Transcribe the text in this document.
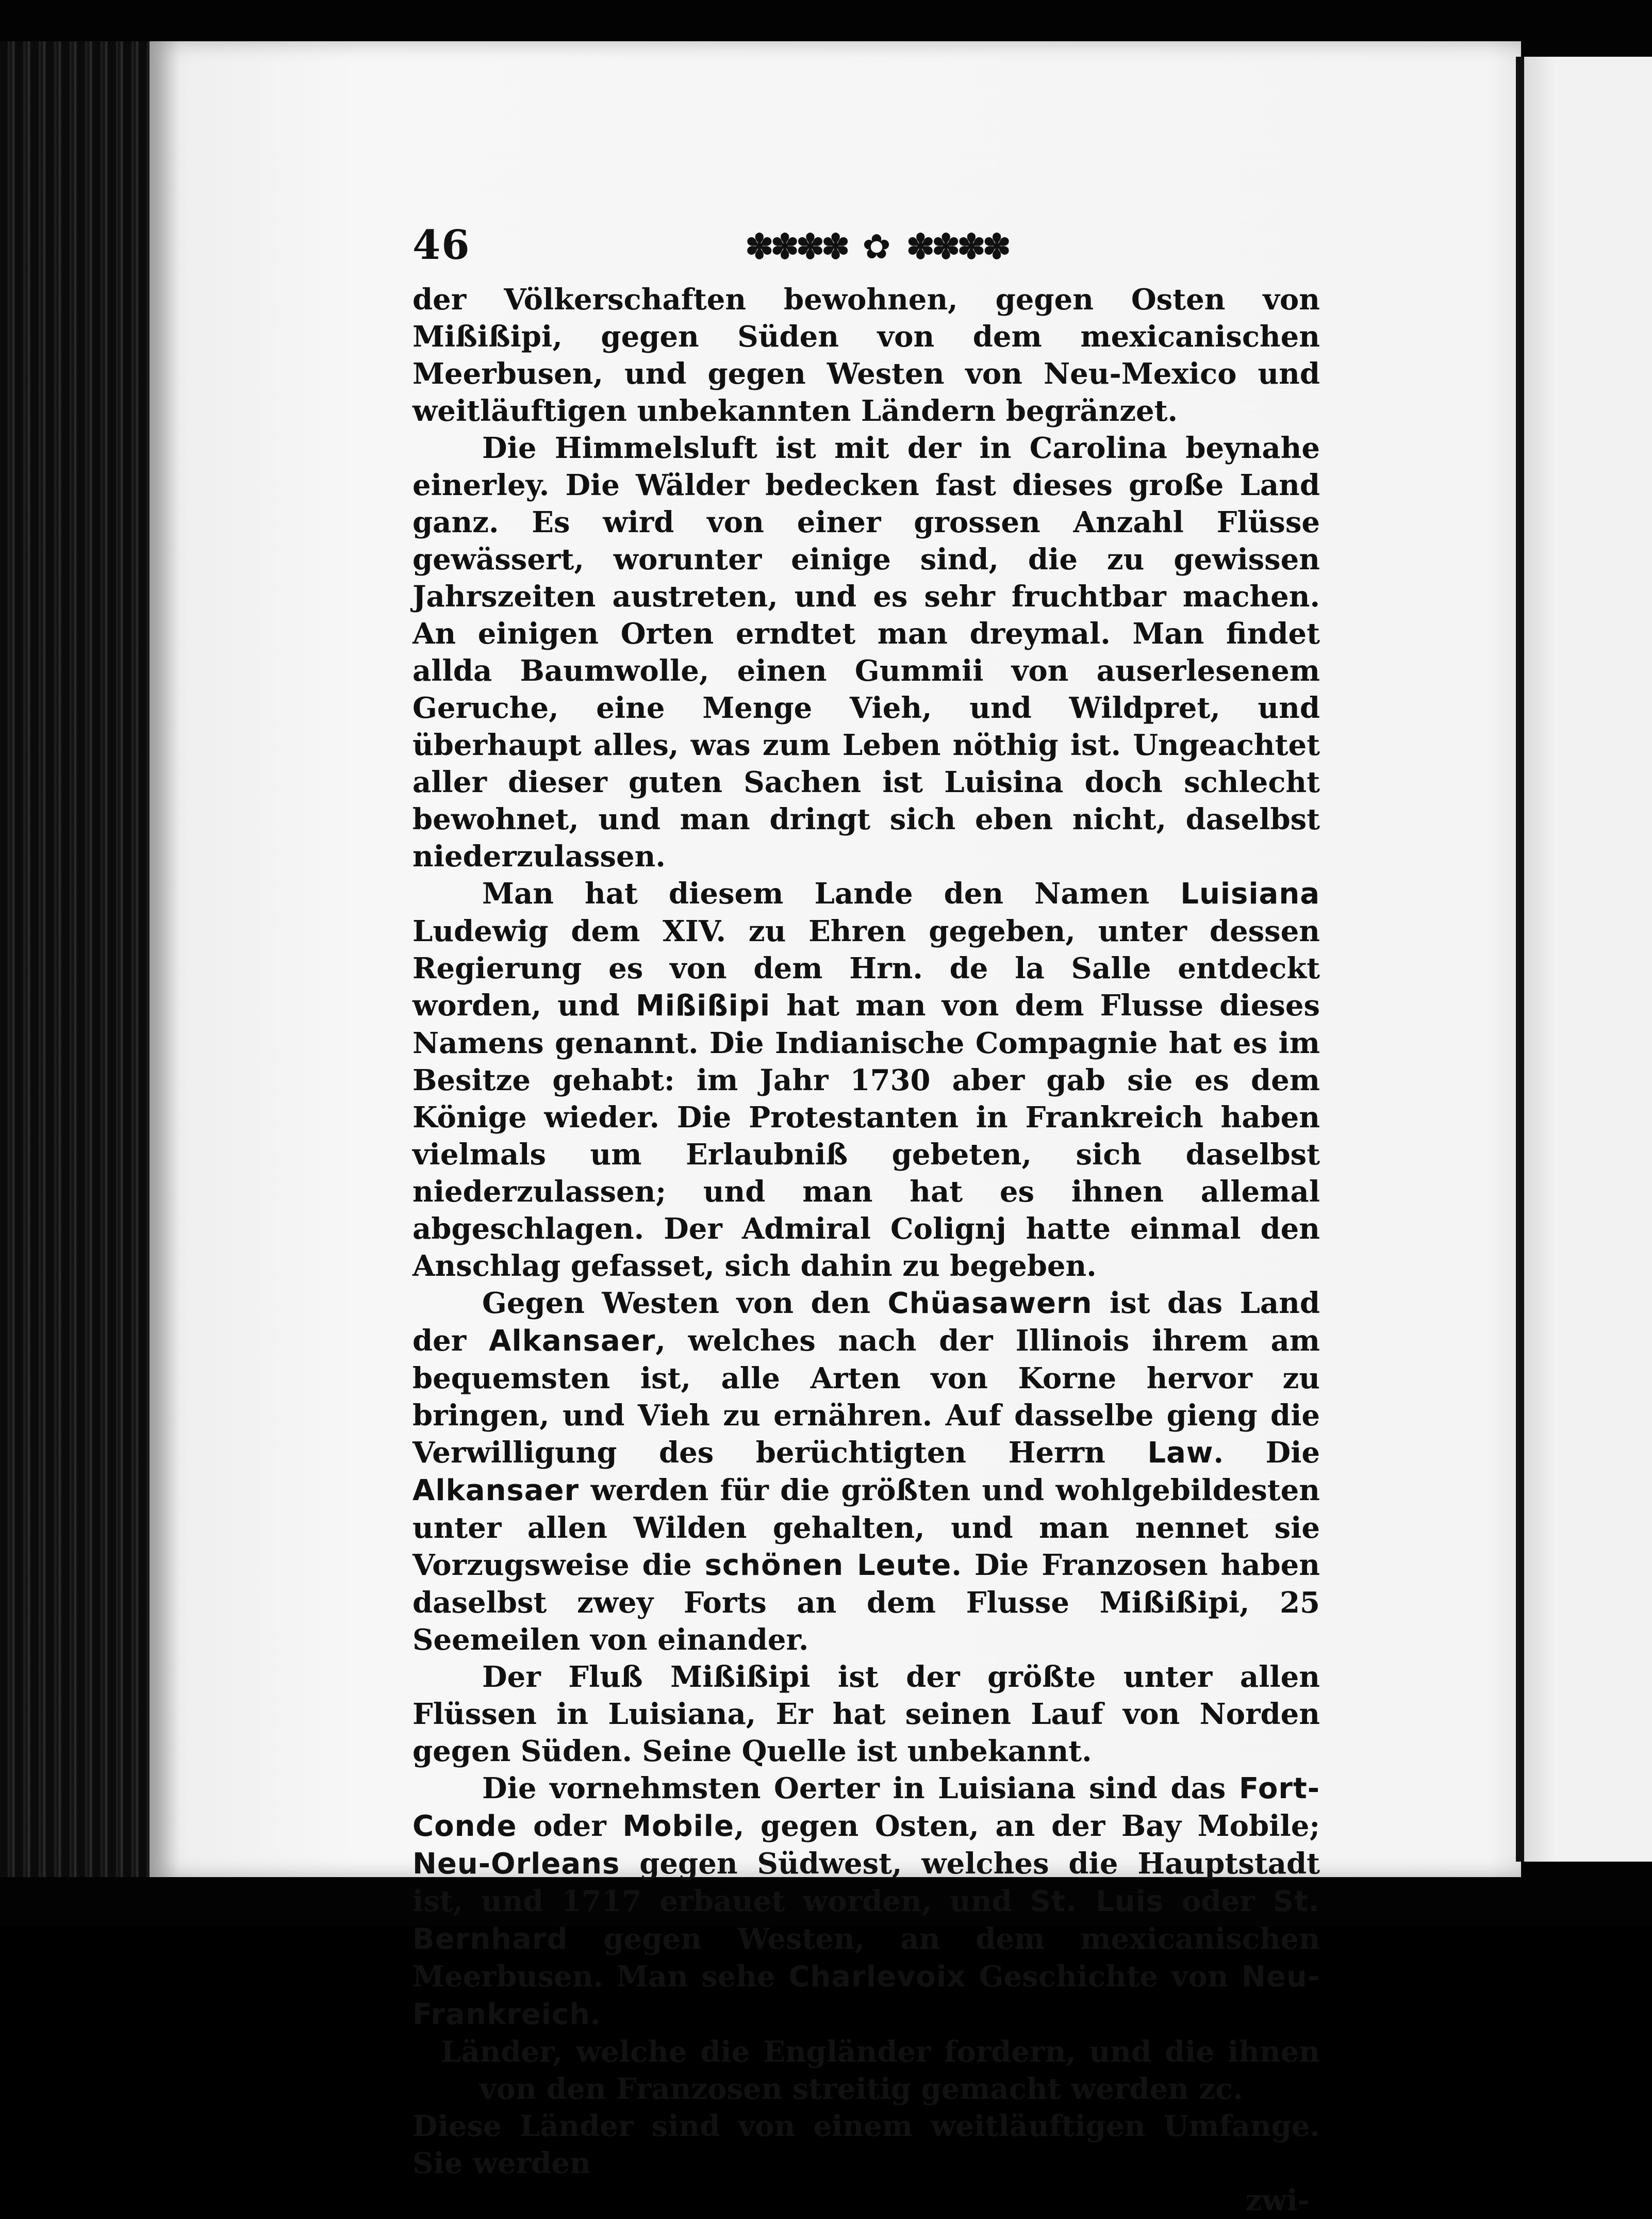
46	✽✽✽✽ ✿ ✽✽✽✽

der Völkerschaften bewohnen, gegen Osten von Mißißipi, gegen Süden von dem mexicanischen Meerbusen, und gegen Westen von Neu-Mexico und weitläuftigen unbekannten Ländern begränzet.

Die Himmelsluft ist mit der in Carolina beynahe einerley. Die Wälder bedecken fast dieses große Land ganz. Es wird von einer grossen Anzahl Flüsse gewässert, worunter einige sind, die zu gewissen Jahrszeiten austreten, und es sehr fruchtbar machen. An einigen Orten erndtet man dreymal. Man findet allda Baumwolle, einen Gummii von auserlesenem Geruche, eine Menge Vieh, und Wildpret, und überhaupt alles, was zum Leben nöthig ist. Ungeachtet aller dieser guten Sachen ist Luisina doch schlecht bewohnet, und man dringt sich eben nicht, daselbst niederzulassen.

Man hat diesem Lande den Namen Luisiana Ludewig dem XIV. zu Ehren gegeben, unter dessen Regierung es von dem Hrn. de la Salle entdeckt worden, und Mißißipi hat man von dem Flusse dieses Namens genannt. Die Indianische Compagnie hat es im Besitze gehabt: im Jahr 1730 aber gab sie es dem Könige wieder. Die Protestanten in Frankreich haben vielmals um Erlaubniß gebeten, sich daselbst niederzulassen; und man hat es ihnen allemal abgeschlagen. Der Admiral Colignj hatte einmal den Anschlag gefasset, sich dahin zu begeben.

Gegen Westen von den Chüasawern ist das Land der Alkansaer, welches nach der Illinois ihrem am bequemsten ist, alle Arten von Korne hervor zu bringen, und Vieh zu ernähren. Auf dasselbe gieng die Verwilligung des berüchtigten Herrn Law. Die Alkansaer werden für die größten und wohlgebildesten unter allen Wilden gehalten, und man nennet sie Vorzugsweise die schönen Leute. Die Franzosen haben daselbst zwey Forts an dem Flusse Mißißipi, 25 Seemeilen von einander.

Der Fluß Mißißipi ist der größte unter allen Flüssen in Luisiana, Er hat seinen Lauf von Norden gegen Süden. Seine Quelle ist unbekannt.

Die vornehmsten Oerter in Luisiana sind das Fort-Conde oder Mobile, gegen Osten, an der Bay Mobile; Neu-Orleans gegen Südwest, welches die Hauptstadt ist, und 1717 erbauet worden, und St. Luis oder St. Bernhard gegen Westen, an dem mexicanischen Meerbusen. Man sehe Charlevoix Geschichte von Neu-Frankreich.

Länder, welche die Engländer fordern, und die ihnen von den Franzosen streitig gemacht werden zc.

Diese Länder sind von einem weitläuftigen Umfange. Sie werden

zwi-
